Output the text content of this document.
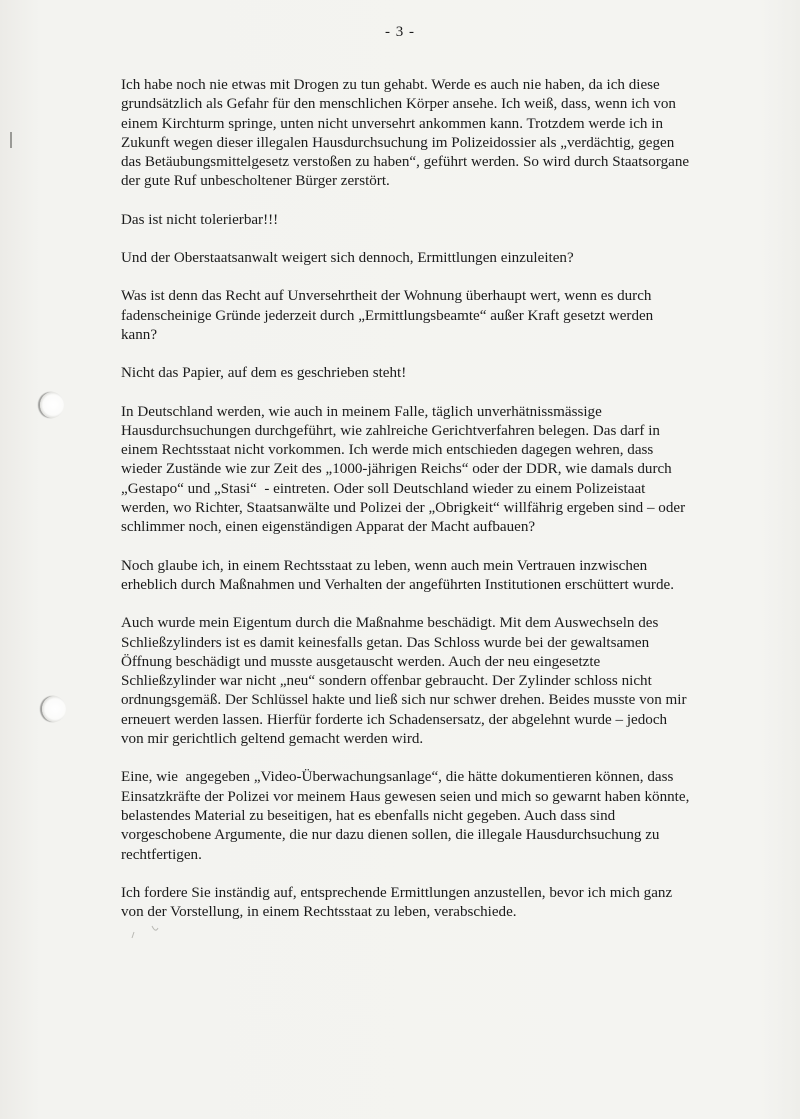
- 3 -

Ich habe noch nie etwas mit Drogen zu tun gehabt. Werde es auch nie haben, da ich diese
grundsätzlich als Gefahr für den menschlichen Körper ansehe. Ich weiß, dass, wenn ich von
einem Kirchturm springe, unten nicht unversehrt ankommen kann. Trotzdem werde ich in
Zukunft wegen dieser illegalen Hausdurchsuchung im Polizeidossier als „verdächtig, gegen
das Betäubungsmittelgesetz verstoßen zu haben“, geführt werden. So wird durch Staatsorgane
der gute Ruf unbescholtener Bürger zerstört.

Das ist nicht tolerierbar!!!

Und der Oberstaatsanwalt weigert sich dennoch, Ermittlungen einzuleiten?

Was ist denn das Recht auf Unversehrtheit der Wohnung überhaupt wert, wenn es durch
fadenscheinige Gründe jederzeit durch „Ermittlungsbeamte“ außer Kraft gesetzt werden
kann?

Nicht das Papier, auf dem es geschrieben steht!

In Deutschland werden, wie auch in meinem Falle, täglich unverhätnissmässige
Hausdurchsuchungen durchgeführt, wie zahlreiche Gerichtverfahren belegen. Das darf in
einem Rechtsstaat nicht vorkommen. Ich werde mich entschieden dagegen wehren, dass
wieder Zustände wie zur Zeit des „1000-jährigen Reichs“ oder der DDR, wie damals durch
„Gestapo“ und „Stasi“  - eintreten. Oder soll Deutschland wieder zu einem Polizeistaat
werden, wo Richter, Staatsanwälte und Polizei der „Obrigkeit“ willfährig ergeben sind – oder
schlimmer noch, einen eigenständigen Apparat der Macht aufbauen?

Noch glaube ich, in einem Rechtsstaat zu leben, wenn auch mein Vertrauen inzwischen
erheblich durch Maßnahmen und Verhalten der angeführten Institutionen erschüttert wurde.

Auch wurde mein Eigentum durch die Maßnahme beschädigt. Mit dem Auswechseln des
Schließzylinders ist es damit keinesfalls getan. Das Schloss wurde bei der gewaltsamen
Öffnung beschädigt und musste ausgetauscht werden. Auch der neu eingesetzte
Schließzylinder war nicht „neu“ sondern offenbar gebraucht. Der Zylinder schloss nicht
ordnungsgemäß. Der Schlüssel hakte und ließ sich nur schwer drehen. Beides musste von mir
erneuert werden lassen. Hierfür forderte ich Schadensersatz, der abgelehnt wurde – jedoch
von mir gerichtlich geltend gemacht werden wird.

Eine, wie  angegeben „Video-Überwachungsanlage“, die hätte dokumentieren können, dass
Einsatzkräfte der Polizei vor meinem Haus gewesen seien und mich so gewarnt haben könnte,
belastendes Material zu beseitigen, hat es ebenfalls nicht gegeben. Auch dass sind
vorgeschobene Argumente, die nur dazu dienen sollen, die illegale Hausdurchsuchung zu
rechtfertigen.

Ich fordere Sie inständig auf, entsprechende Ermittlungen anzustellen, bevor ich mich ganz
von der Vorstellung, in einem Rechtsstaat zu leben, verabschiede.
